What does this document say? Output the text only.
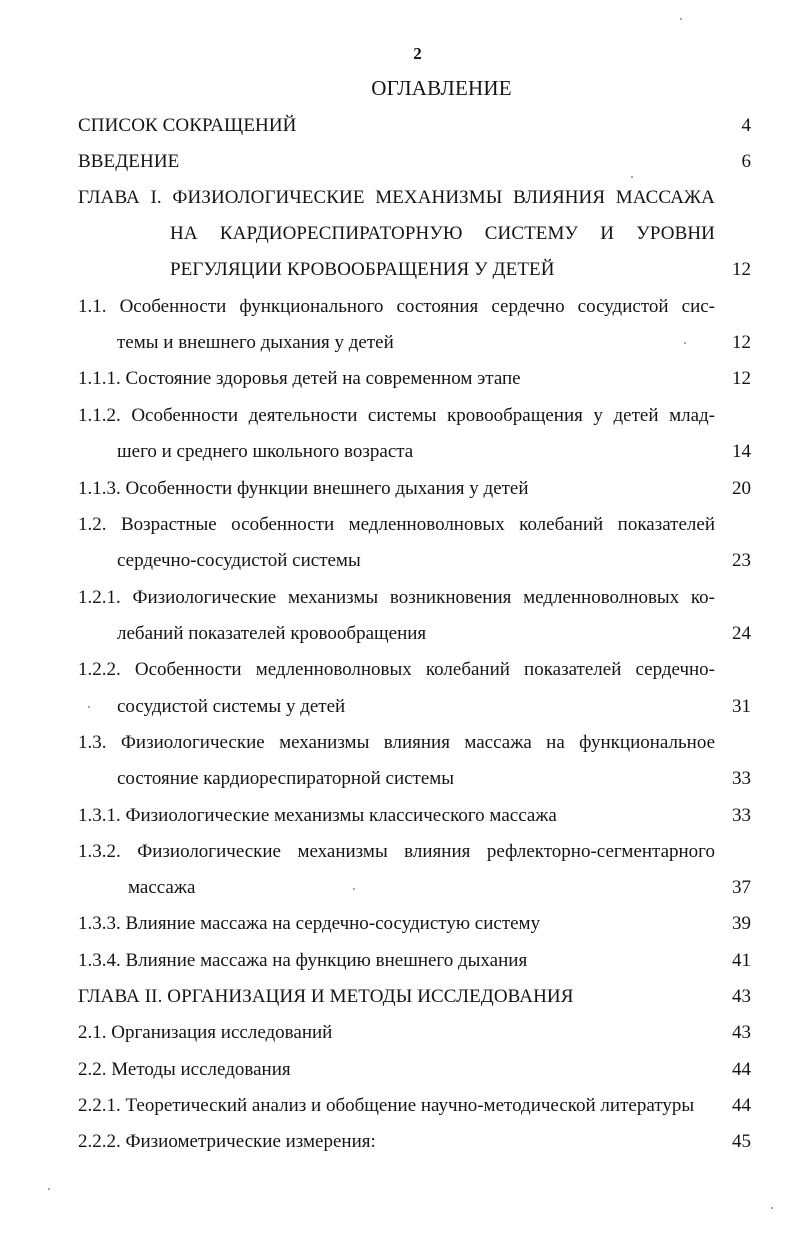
2
ОГЛАВЛЕНИЕ
СПИСОК СОКРАЩЕНИЙ	4
ВВЕДЕНИЕ	6
ГЛАВА I. ФИЗИОЛОГИЧЕСКИЕ МЕХАНИЗМЫ ВЛИЯНИЯ МАССАЖА
НА КАРДИОРЕСПИРАТОРНУЮ СИСТЕМУ И УРОВНИ
РЕГУЛЯЦИИ КРОВООБРАЩЕНИЯ У ДЕТЕЙ	12
1.1. Особенности функционального состояния сердечно сосудистой сис-
темы и внешнего дыхания у детей	12
1.1.1. Состояние здоровья детей на современном этапе	12
1.1.2. Особенности деятельности системы кровообращения у детей млад-
шего и среднего школьного возраста	14
1.1.3. Особенности функции внешнего дыхания у детей	20
1.2. Возрастные особенности медленноволновых колебаний показателей
сердечно-сосудистой системы	23
1.2.1. Физиологические механизмы возникновения медленноволновых ко-
лебаний показателей кровообращения	24
1.2.2. Особенности медленноволновых колебаний показателей сердечно-
сосудистой системы у детей	31
1.3. Физиологические механизмы влияния массажа на функциональное
состояние кардиореспираторной системы	33
1.3.1. Физиологические механизмы классического массажа	33
1.3.2. Физиологические механизмы влияния рефлекторно-сегментарного
массажа	37
1.3.3. Влияние массажа на сердечно-сосудистую систему	39
1.3.4. Влияние массажа на функцию внешнего дыхания	41
ГЛАВА II. ОРГАНИЗАЦИЯ И МЕТОДЫ ИССЛЕДОВАНИЯ	43
2.1. Организация исследований	43
2.2. Методы исследования	44
2.2.1. Теоретический анализ и обобщение научно-методической литературы 44
2.2.2. Физиометрические измерения:	45
